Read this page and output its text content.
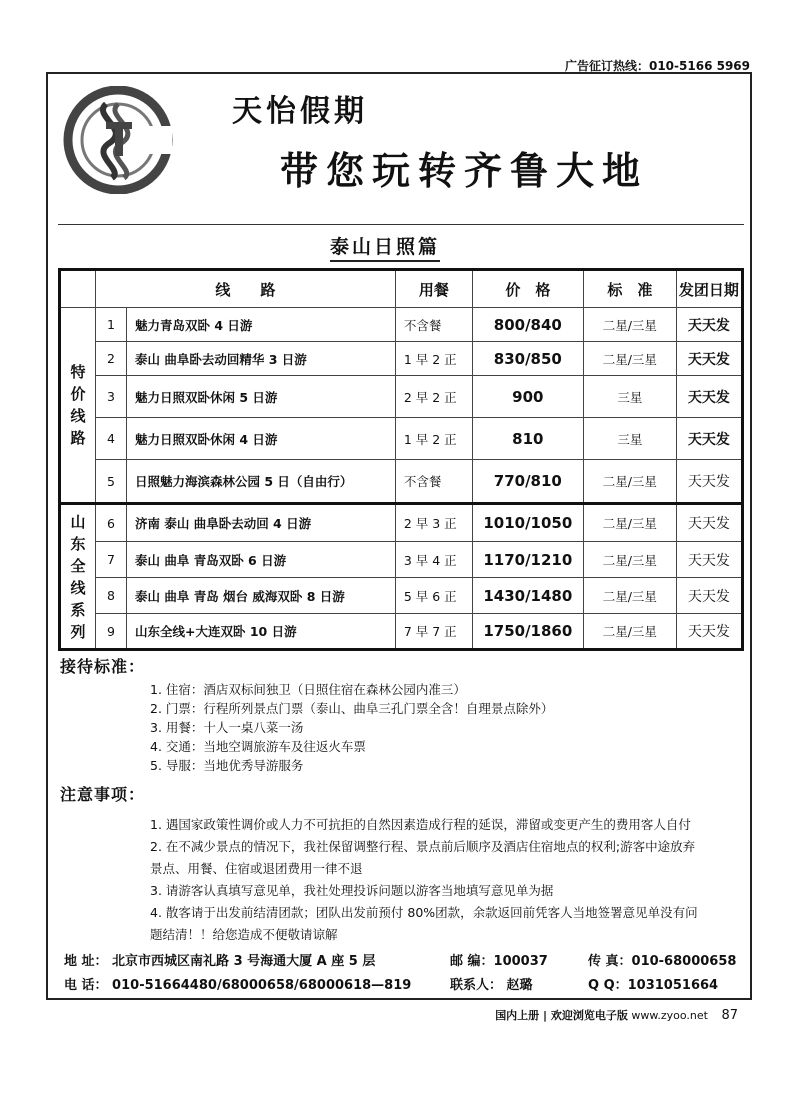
广告征订热线：010-5166 5969
天怡假期
带您玩转齐鲁大地
泰山日照篇
	线　　路		用餐	价　格	标　准	发团日期

特价线路	1	魅力青岛双卧 4 日游	不含餐	800/840	二星/三星	天天发
	2	泰山 曲阜卧去动回精华 3 日游	1 早 2 正	830/850	二星/三星	天天发
	3	魅力日照双卧休闲 5 日游	2 早 2 正	900	三星	天天发
	4	魅力日照双卧休闲 4 日游	1 早 2 正	810	三星	天天发
	5	日照魅力海滨森林公园 5 日（自由行）	不含餐	770/810	二星/三星	天天发

山东全线系列	6	济南 泰山 曲阜卧去动回 4 日游	2 早 3 正	1010/1050	二星/三星	天天发
	7	泰山 曲阜 青岛双卧 6 日游	3 早 4 正	1170/1210	二星/三星	天天发
	8	泰山 曲阜 青岛 烟台 威海双卧 8 日游	5 早 6 正	1430/1480	二星/三星	天天发
	9	山东全线+大连双卧 10 日游	7 早 7 正	1750/1860	二星/三星	天天发
接待标准：
1. 住宿：酒店双标间独卫（日照住宿在森林公园内准三）
2. 门票：行程所列景点门票（泰山、曲阜三孔门票全含！自理景点除外）
3. 用餐：十人一桌八菜一汤
4. 交通：当地空调旅游车及往返火车票
5. 导服：当地优秀导游服务
注意事项：
1. 遇国家政策性调价或人力不可抗拒的自然因素造成行程的延误，滞留或变更产生的费用客人自付
2. 在不减少景点的情况下，我社保留调整行程、景点前后顺序及酒店住宿地点的权利;游客中途放弃
景点、用餐、住宿或退团费用一律不退
3. 请游客认真填写意见单，我社处理投诉问题以游客当地填写意见单为据
4. 散客请于出发前结清团款；团队出发前预付 80%团款，余款返回前凭客人当地签署意见单没有问
题结清！！给您造成不便敬请谅解
地 址： 北京市西城区南礼路 3 号海通大厦 A 座 5 层	邮 编：100037	传 真：010-68000658
电 话： 010-51664480/68000658/68000618—819	联系人： 赵璐	Q Q：1031051664
国内上册 | 欢迎浏览电子版 www.zyoo.net 87
